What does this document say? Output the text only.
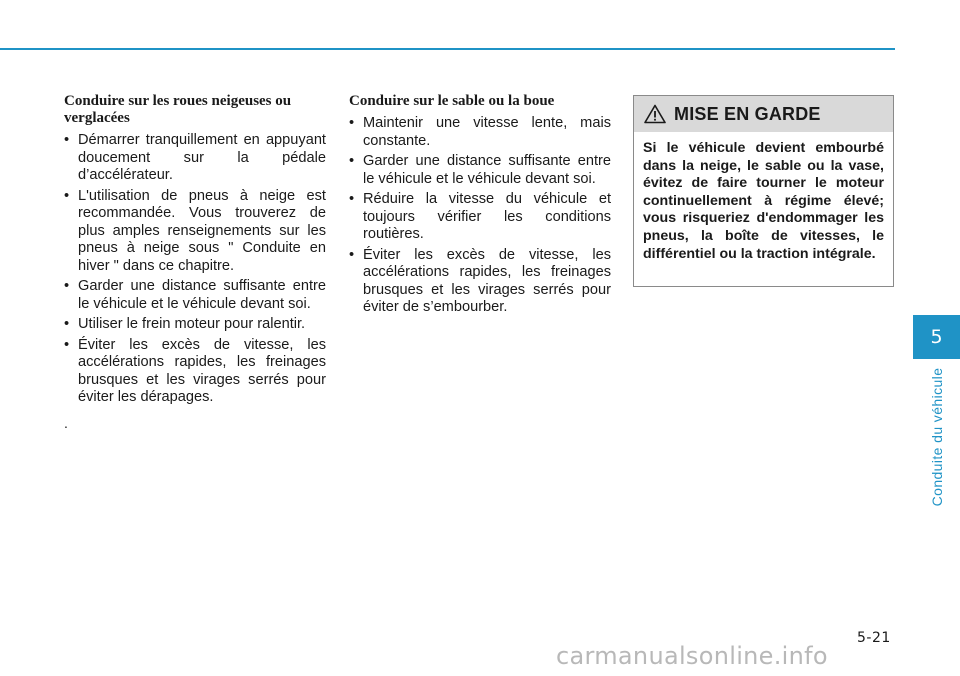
Conduire sur les roues neigeuses ou verglacées
• Démarrer tranquillement en appuyant doucement sur la pédale d’accélérateur.
• L'utilisation de pneus à neige est recommandée. Vous trouverez de plus amples renseignements sur les pneus à neige sous " Conduite en hiver " dans ce chapitre.
• Garder une distance suffisante entre le véhicule et le véhicule devant soi.
• Utiliser le frein moteur pour ralentir.
• Éviter les excès de vitesse, les accélérations rapides, les freinages brusques et les virages serrés pour éviter les dérapages.
.
Conduire sur le sable ou la boue
• Maintenir une vitesse lente, mais constante.
• Garder une distance suffisante entre le véhicule et le véhicule devant soi.
• Réduire la vitesse du véhicule et toujours vérifier les conditions routières.
• Éviter les excès de vitesse, les accélérations rapides, les freinages brusques et les virages serrés pour éviter de s’embourber.
MISE EN GARDE
Si le véhicule devient embourbé dans la neige, le sable ou la vase, évitez de faire tourner le moteur continuellement à régime élevé; vous risqueriez d'endommager les pneus, la boîte de vitesses, le différentiel ou la traction intégrale.
5
Conduite du véhicule
5-21
carmanualsonline.info
